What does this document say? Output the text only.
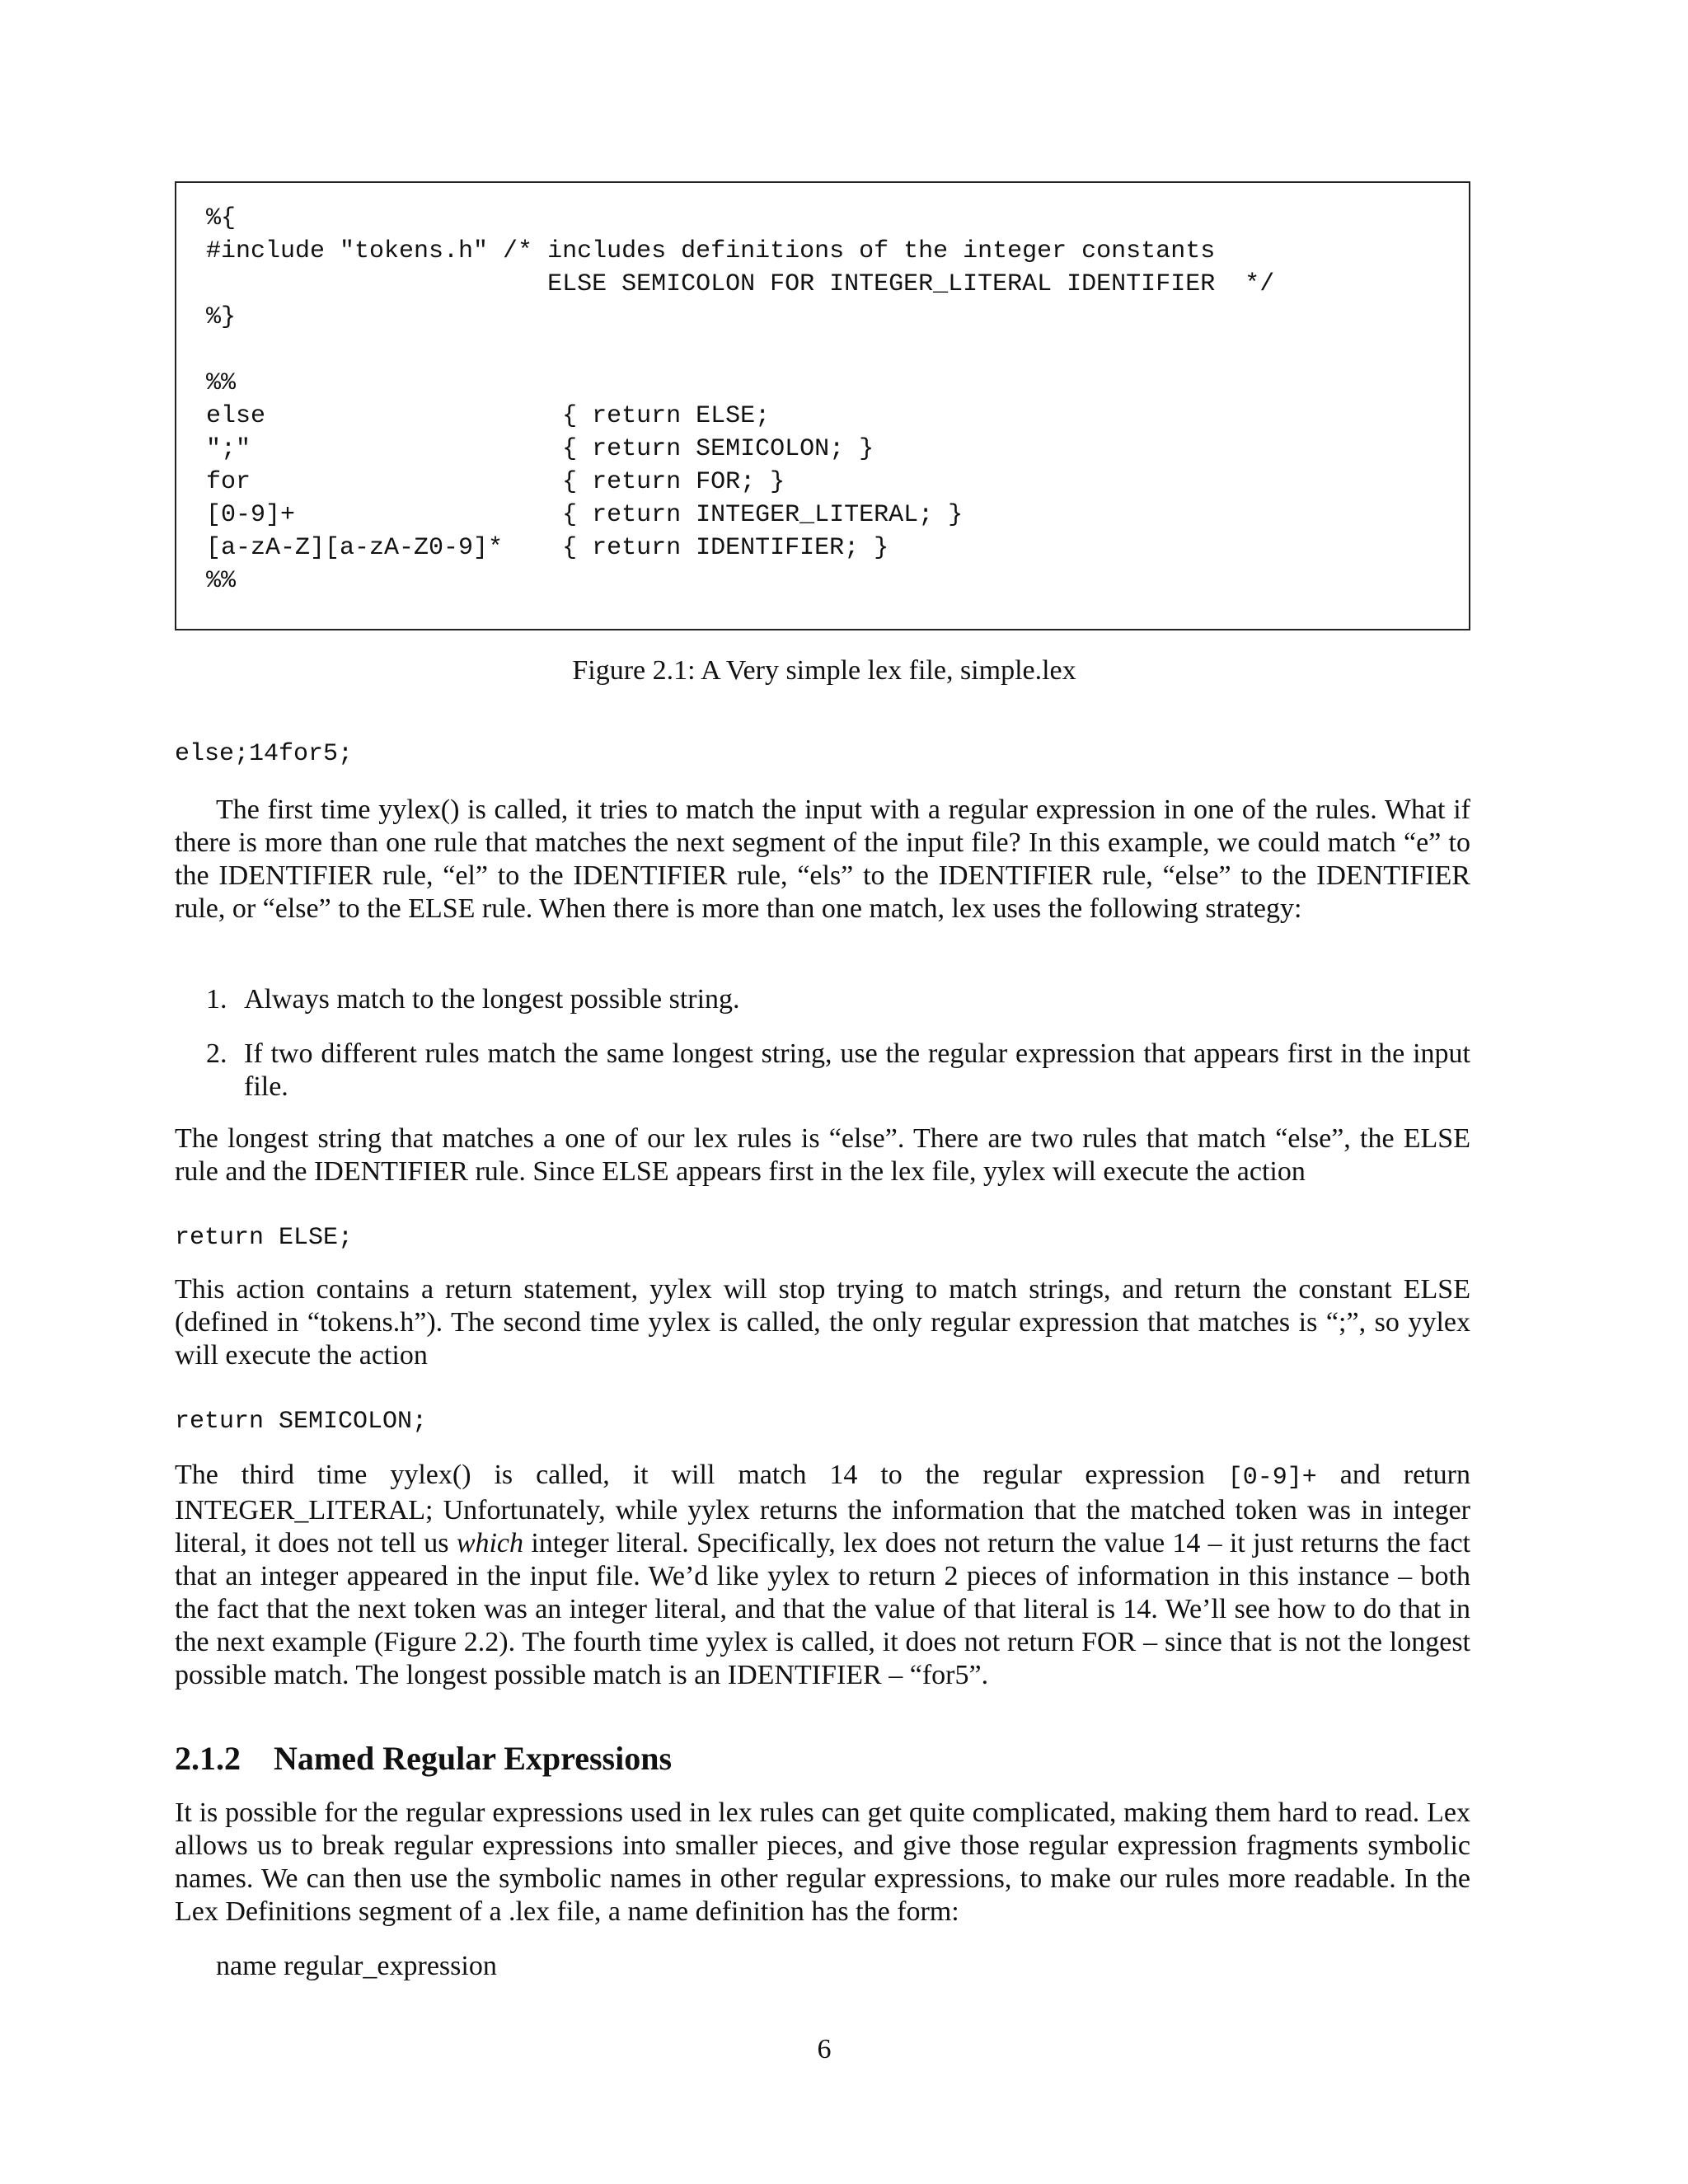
%{
#include "tokens.h" /* includes definitions of the integer constants
ELSE SEMICOLON FOR INTEGER_LITERAL IDENTIFIER  */
%}

%%
else                    { return ELSE;
";"                     { return SEMICOLON; }
for                     { return FOR; }
[0-9]+                  { return INTEGER_LITERAL; }
[a-zA-Z][a-zA-Z0-9]*    { return IDENTIFIER; }
%%
Figure 2.1: A Very simple lex file, simple.lex
else;14for5;
The first time yylex() is called, it tries to match the input with a regular expression in one of the rules. What if there is more than one rule that matches the next segment of the input file? In this example, we could match “e” to the IDENTIFIER rule, “el” to the IDENTIFIER rule, “els” to the IDENTIFIER rule, “else” to the IDENTIFIER rule, or “else” to the ELSE rule. When there is more than one match, lex uses the following strategy:
1. Always match to the longest possible string.
2. If two different rules match the same longest string, use the regular expression that appears first in the input file.
The longest string that matches a one of our lex rules is “else”. There are two rules that match “else”, the ELSE rule and the IDENTIFIER rule. Since ELSE appears first in the lex file, yylex will execute the action
return ELSE;
This action contains a return statement, yylex will stop trying to match strings, and return the constant ELSE (defined in “tokens.h”). The second time yylex is called, the only regular expression that matches is “;”, so yylex will execute the action
return SEMICOLON;
The third time yylex() is called, it will match 14 to the regular expression [0-9]+ and return INTEGER_LITERAL; Unfortunately, while yylex returns the information that the matched token was in integer literal, it does not tell us which integer literal. Specifically, lex does not return the value 14 – it just returns the fact that an integer appeared in the input file. We’d like yylex to return 2 pieces of information in this instance – both the fact that the next token was an integer literal, and that the value of that literal is 14. We’ll see how to do that in the next example (Figure 2.2). The fourth time yylex is called, it does not return FOR – since that is not the longest possible match. The longest possible match is an IDENTIFIER – “for5”.
2.1.2 Named Regular Expressions
It is possible for the regular expressions used in lex rules can get quite complicated, making them hard to read. Lex allows us to break regular expressions into smaller pieces, and give those regular expression fragments symbolic names. We can then use the symbolic names in other regular expressions, to make our rules more readable. In the Lex Definitions segment of a .lex file, a name definition has the form:
name regular_expression
6
